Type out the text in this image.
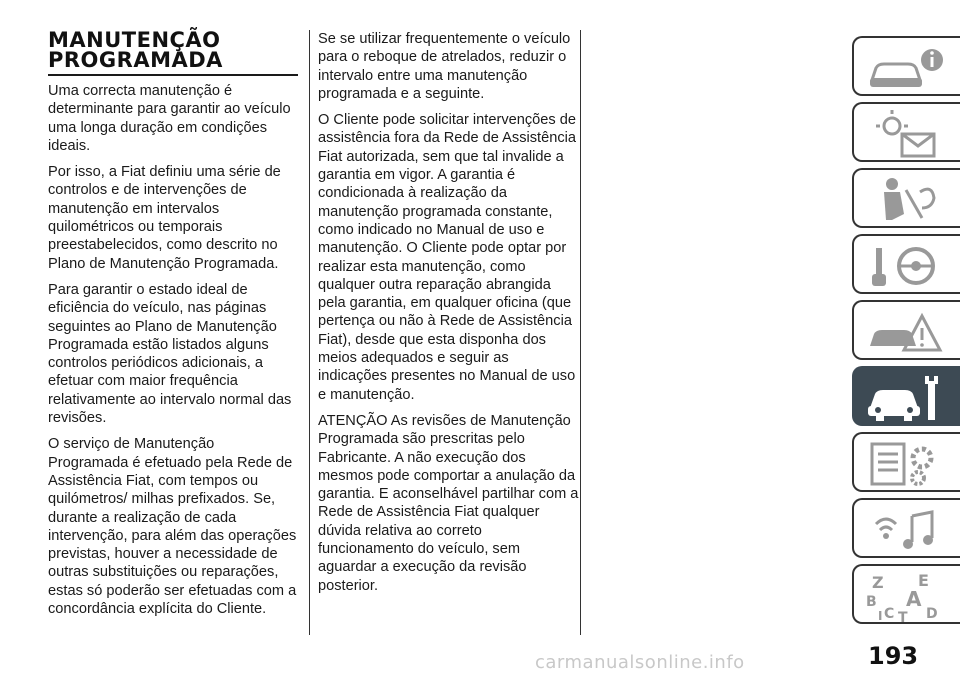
MANUTENÇÃO PROGRAMADA

Uma correcta manutenção é determinante para garantir ao veículo uma longa duração em condições ideais.

Por isso, a Fiat definiu uma série de controlos e de intervenções de manutenção em intervalos quilométricos ou temporais preestabelecidos, como descrito no Plano de Manutenção Programada.

Para garantir o estado ideal de eficiência do veículo, nas páginas seguintes ao Plano de Manutenção Programada estão listados alguns controlos periódicos adicionais, a efetuar com maior frequência relativamente ao intervalo normal das revisões.

O serviço de Manutenção Programada é efetuado pela Rede de Assistência Fiat, com tempos ou quilómetros/ milhas prefixados. Se, durante a realização de cada intervenção, para além das operações previstas, houver a necessidade de outras substituições ou reparações, estas só poderão ser efetuadas com a concordância explícita do Cliente.

Se se utilizar frequentemente o veículo para o reboque de atrelados, reduzir o intervalo entre uma manutenção programada e a seguinte.

O Cliente pode solicitar intervenções de assistência fora da Rede de Assistência Fiat autorizada, sem que tal invalide a garantia em vigor. A garantia é condicionada à realização da manutenção programada constante, como indicado no Manual de uso e manutenção. O Cliente pode optar por realizar esta manutenção, como qualquer outra reparação abrangida pela garantia, em qualquer oficina (que pertença ou não à Rede de Assistência Fiat), desde que esta disponha dos meios adequados e seguir as indicações presentes no Manual de uso e manutenção.

ATENÇÃO As revisões de Manutenção Programada são prescritas pelo Fabricante. A não execução dos mesmos pode comportar a anulação da garantia. E aconselhável partilhar com a Rede de Assistência Fiat qualquer dúvida relativa ao correto funcionamento do veículo, sem aguardar a execução da revisão posterior.	Z E
B A
C D
T
I
193
carmanualsonline.info
